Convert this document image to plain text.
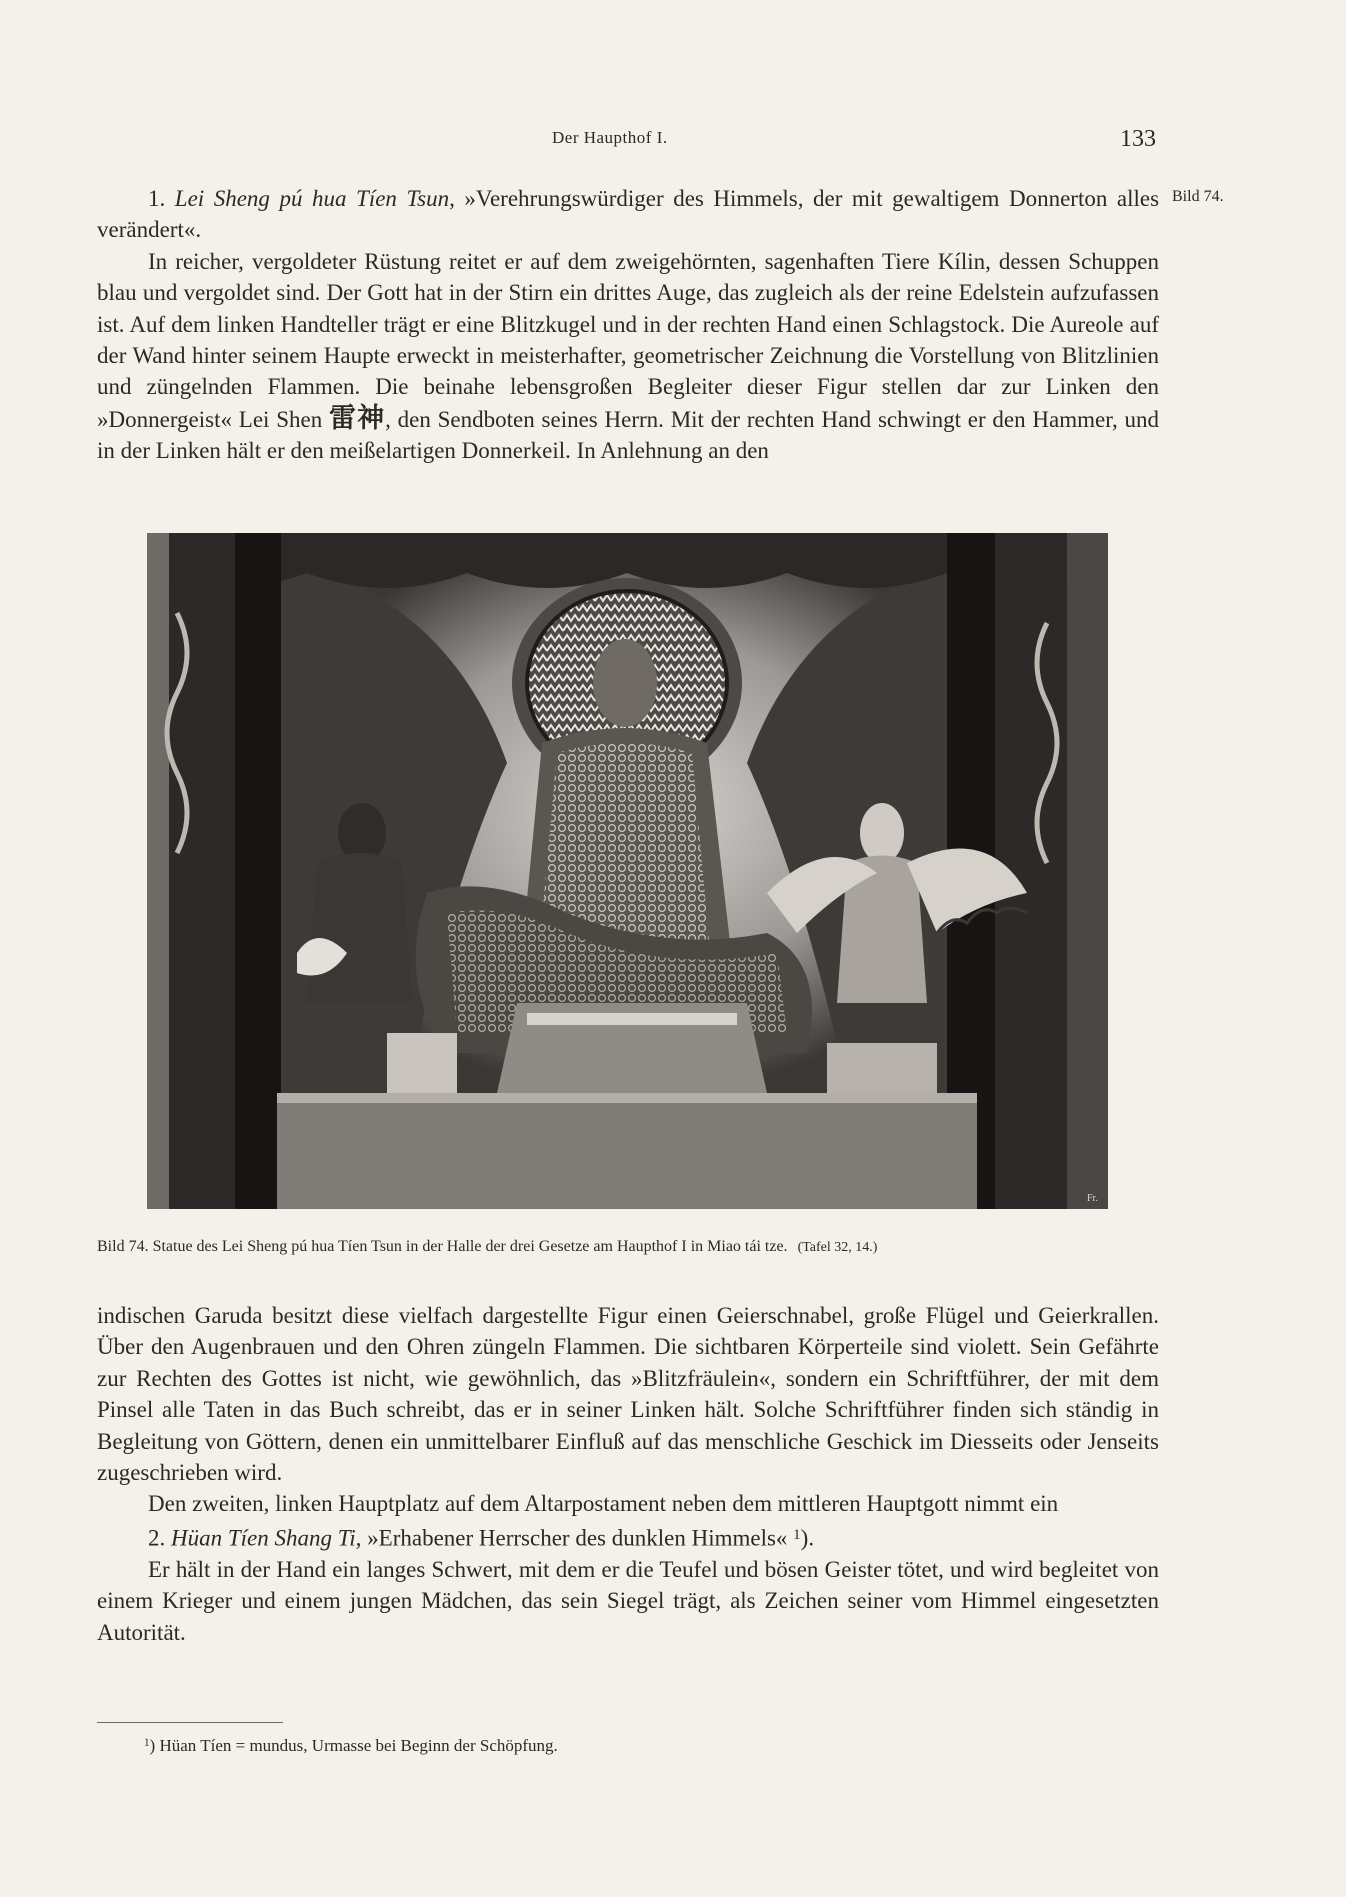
Der Haupthof I.	133
Bild 74.

1. Lei Sheng pú hua Tíen Tsun, »Verehrungswürdiger des Himmels, der mit gewaltigem Donnerton alles verändert«.

In reicher, vergoldeter Rüstung reitet er auf dem zweigehörnten, sagenhaften Tiere Kílin, dessen Schuppen blau und vergoldet sind. Der Gott hat in der Stirn ein drittes Auge, das zugleich als der reine Edelstein aufzufassen ist. Auf dem linken Handteller trägt er eine Blitzkugel und in der rechten Hand einen Schlagstock. Die Aureole auf der Wand hinter seinem Haupte erweckt in meisterhafter, geometrischer Zeichnung die Vorstellung von Blitzlinien und züngelnden Flammen. Die beinahe lebensgroßen Begleiter dieser Figur stellen dar zur Linken den »Donnergeist« Lei Shen 雷神, den Sendboten seines Herrn. Mit der rechten Hand schwingt er den Hammer, und in der Linken hält er den meißelartigen Donnerkeil. In Anlehnung an den

Fr.
Bild 74. Statue des Lei Sheng pú hua Tíen Tsun in der Halle der drei Gesetze am Haupthof I in Miao tái tze. (Tafel 32, 14.)

indischen Garuda besitzt diese vielfach dargestellte Figur einen Geierschnabel, große Flügel und Geierkrallen. Über den Augenbrauen und den Ohren züngeln Flammen. Die sichtbaren Körperteile sind violett. Sein Gefährte zur Rechten des Gottes ist nicht, wie gewöhnlich, das »Blitzfräulein«, sondern ein Schriftführer, der mit dem Pinsel alle Taten in das Buch schreibt, das er in seiner Linken hält. Solche Schriftführer finden sich ständig in Begleitung von Göttern, denen ein unmittelbarer Einfluß auf das menschliche Geschick im Diesseits oder Jenseits zugeschrieben wird.

Den zweiten, linken Hauptplatz auf dem Altarpostament neben dem mittleren Hauptgott nimmt ein

2. Hüan Tíen Shang Ti, »Erhabener Herrscher des dunklen Himmels« $^1$).

Er hält in der Hand ein langes Schwert, mit dem er die Teufel und bösen Geister tötet, und wird begleitet von einem Krieger und einem jungen Mädchen, das sein Siegel trägt, als Zeichen seiner vom Himmel eingesetzten Autorität.

$^1$) Hüan Tíen = mundus, Urmasse bei Beginn der Schöpfung.
